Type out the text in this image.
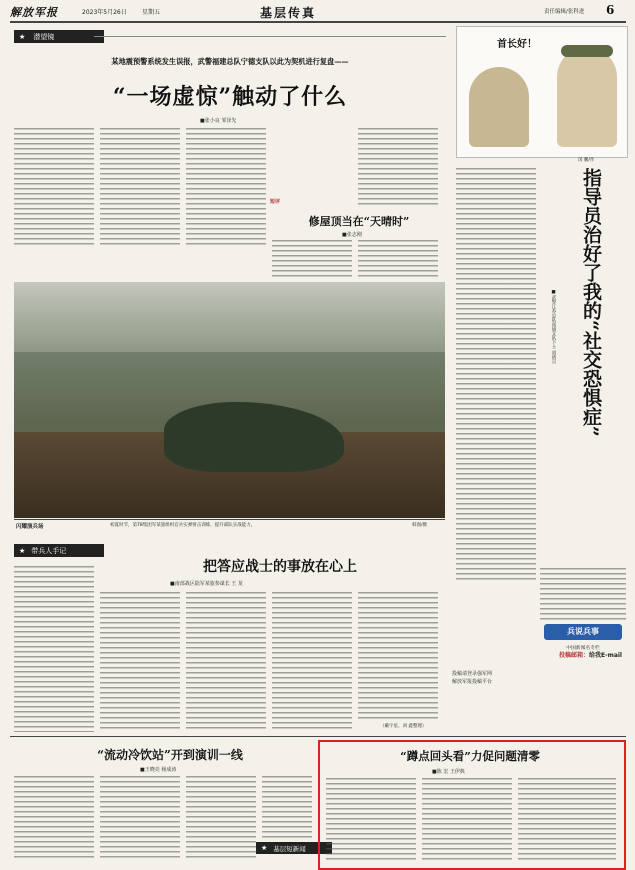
解放军报	2023年5月26日	星期五	基层传真	责任编辑/张科进 6
★ 潜望镜
某地震预警系统发生误报，武警福建总队宁德支队以此为契机进行复盘——
“一场虚惊”触动了什么
■张小良 邹泽先
短评
修屋顶当在“天晴时”
■张志刚
闪耀演兵场	初夏时节，第78集团军某旅组织官兵实弹射击训练，提升部队实战能力。	韩润/摄
首长好！
闵 鹏/作
指导员治好了我的“社交恐惧症”
■武警江苏总队南通支队下士 胡倩月
★ 带兵人手记
把答应战士的事放在心上
■南部战区陆军某旅参谋长 王 龙
（戴宇星、刘 鑫整理）
兵说兵事
中国新闻名专栏
投稿邮箱：给我E-mail
投稿请登录强军网
解放军报投稿平台
“流动冷饮站”开到演训一线
■王晓亮 杨成涛
★ 基层短新闻
“蹲点回头看”力促问题清零
■陈 宏 王伊典
